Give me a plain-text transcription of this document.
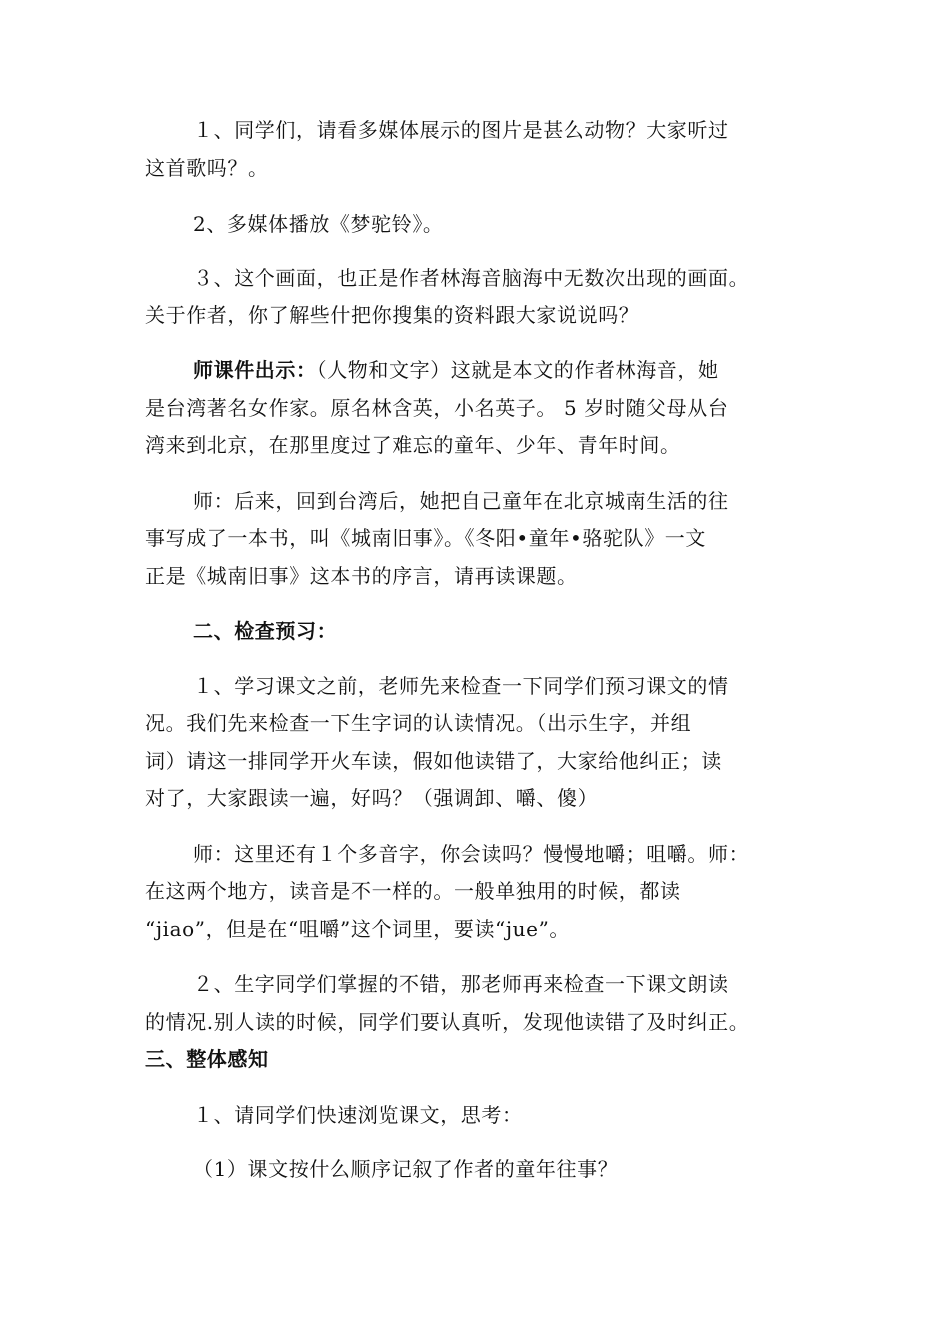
１、同学们，请看多媒体展示的图片是甚么动物？大家听过
这首歌吗？。
2、多媒体播放《梦驼铃》。
３、这个画面，也正是作者林海音脑海中无数次出现的画面。
关于作者，你了解些什把你搜集的资料跟大家说说吗？
师课件出示：（人物和文字）这就是本文的作者林海音，她
是台湾著名女作家。原名林含英，小名英子。 5 岁时随父母从台
湾来到北京，在那里度过了难忘的童年、少年、青年时间。
师：后来，回到台湾后，她把自己童年在北京城南生活的往
事写成了一本书，叫《城南旧事》。《冬阳•童年•骆驼队》一文
正是《城南旧事》这本书的序言，请再读课题。
二、检查预习：
１、学习课文之前，老师先来检查一下同学们预习课文的情
况。我们先来检查一下生字词的认读情况。（出示生字，并组
词）请这一排同学开火车读，假如他读错了，大家给他纠正；读
对了，大家跟读一遍，好吗？（强调卸、嚼、傻）
师：这里还有１个多音字，你会读吗？慢慢地嚼；咀嚼。师：
在这两个地方，读音是不一样的。一般单独用的时候，都读
“jiao”，但是在“咀嚼”这个词里，要读“jue”。
２、生字同学们掌握的不错，那老师再来检查一下课文朗读
的情况.别人读的时候，同学们要认真听，发现他读错了及时纠正。
三、整体感知
１、请同学们快速浏览课文，思考：
（1）课文按什么顺序记叙了作者的童年往事？
